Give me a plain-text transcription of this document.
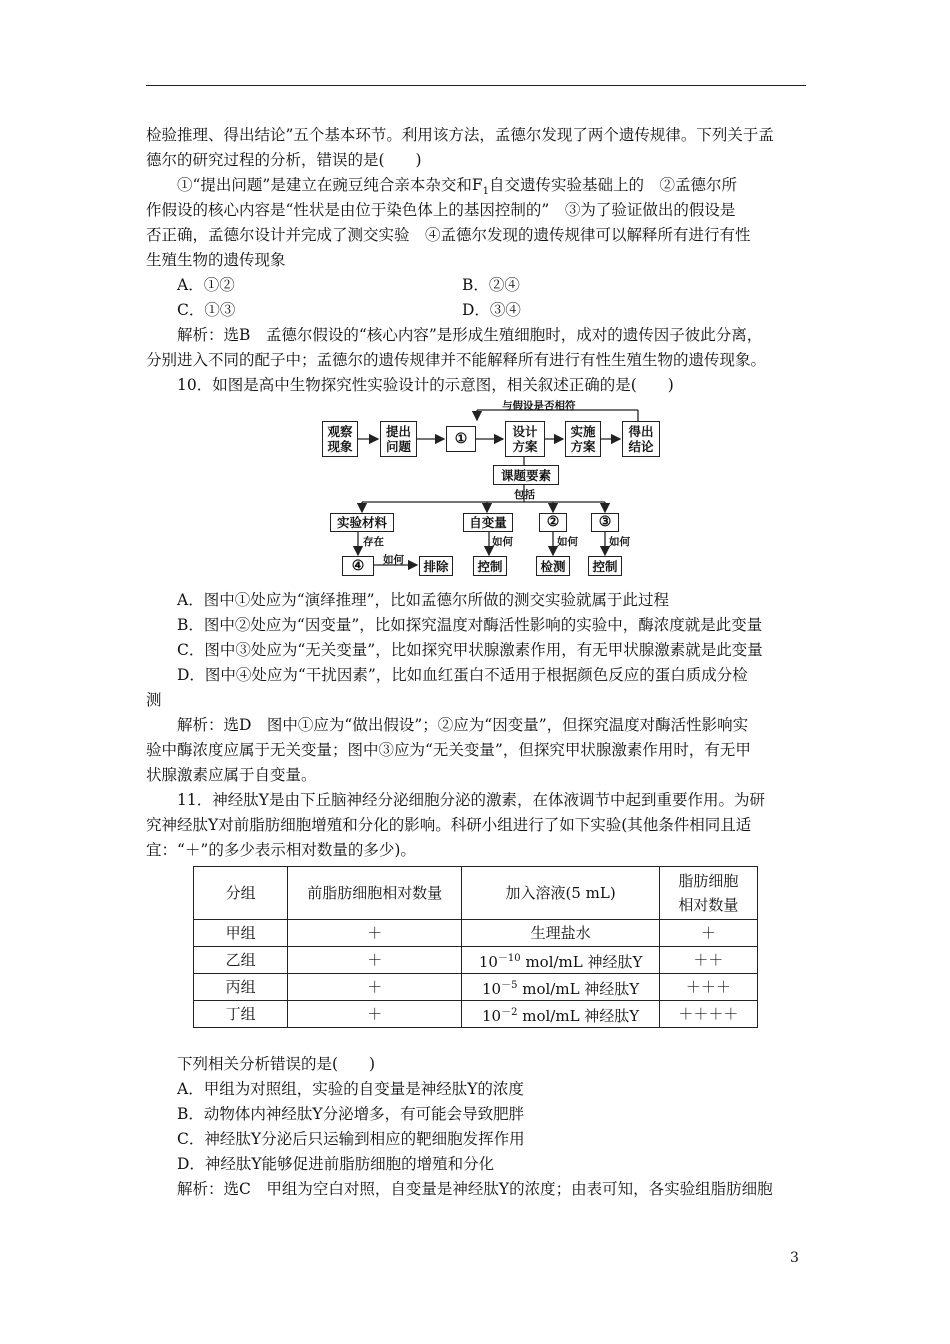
检验推理、得出结论”五个基本环节。利用该方法，孟德尔发现了两个遗传规律。下列关于孟
德尔的研究过程的分析，错误的是(　　)
①“提出问题”是建立在豌豆纯合亲本杂交和$F_1$自交遗传实验基础上的　②孟德尔所
作假设的核心内容是“性状是由位于染色体上的基因控制的”　③为了验证做出的假设是
否正确，孟德尔设计并完成了测交实验　④孟德尔发现的遗传规律可以解释所有进行有性
生殖生物的遗传现象
A．①②	B．②④
C．①③	D．③④
解析：选B　孟德尔假设的“核心内容”是形成生殖细胞时，成对的遗传因子彼此分离，
分别进入不同的配子中；孟德尔的遗传规律并不能解释所有进行有性生殖生物的遗传现象。
10．如图是高中生物探究性实验设计的示意图，相关叙述正确的是(　　)
与假设是否相符
观察
现象
提出
问题	①	设计
方案
实施
方案
得出
结论
课题要素
包括
实验材料	自变量	②	③
存在
如何
如何	如何	如何
④	排除	控制	检测	控制
A．图中①处应为“演绎推理”，比如孟德尔所做的测交实验就属于此过程
B．图中②处应为“因变量”，比如探究温度对酶活性影响的实验中，酶浓度就是此变量
C．图中③处应为“无关变量”，比如探究甲状腺激素作用，有无甲状腺激素就是此变量
D．图中④处应为“干扰因素”，比如血红蛋白不适用于根据颜色反应的蛋白质成分检
测
解析：选D　图中①应为“做出假设”；②应为“因变量”，但探究温度对酶活性影响实
验中酶浓度应属于无关变量；图中③应为“无关变量”，但探究甲状腺激素作用时，有无甲
状腺激素应属于自变量。
11．神经肽Y是由下丘脑神经分泌细胞分泌的激素，在体液调节中起到重要作用。为研
究神经肽Y对前脂肪细胞增殖和分化的影响。科研小组进行了如下实验(其他条件相同且适
宜：“＋”的多少表示相对数量的多少)。
分组	前脂肪细胞相对数量	加入溶液(5 mL)	脂肪细胞
相对数量
甲组	＋	生理盐水	＋
乙组	＋	$10^{-10}$ mol/mL 神经肽Y	＋＋
丙组	＋	$10^{-5}$ mol/mL 神经肽Y	＋＋＋
丁组	＋	$10^{-2}$ mol/mL 神经肽Y	＋＋＋＋
下列相关分析错误的是(　　)
A．甲组为对照组，实验的自变量是神经肽Y的浓度
B．动物体内神经肽Y分泌增多，有可能会导致肥胖
C．神经肽Y分泌后只运输到相应的靶细胞发挥作用
D．神经肽Y能够促进前脂肪细胞的增殖和分化
解析：选C　甲组为空白对照，自变量是神经肽Y的浓度；由表可知，各实验组脂肪细胞
3
